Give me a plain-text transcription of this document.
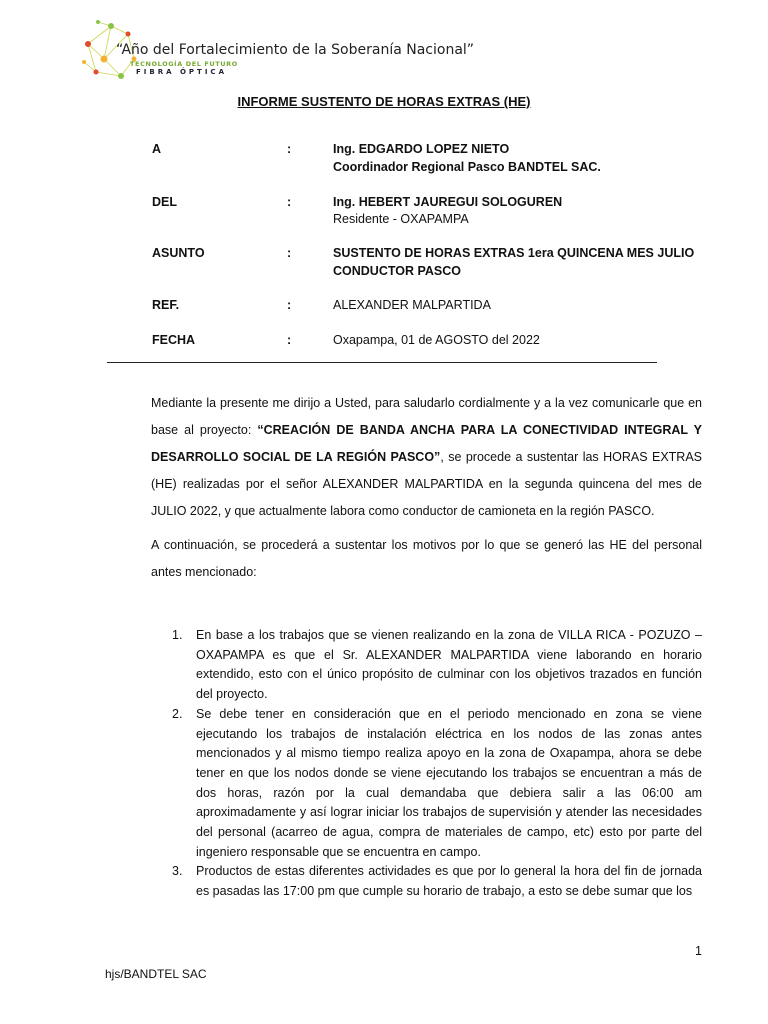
“Año del Fortalecimiento de la Soberanía Nacional”
TECNOLOGÍA DEL FUTURO
FIBRA ÓPTICA
INFORME SUSTENTO DE HORAS EXTRAS (HE)
A	:	Ing. EDGARDO LOPEZ NIETO
Coordinador Regional Pasco BANDTEL SAC.
DEL	:	Ing. HEBERT JAUREGUI SOLOGUREN
Residente - OXAPAMPA
ASUNTO	:	SUSTENTO DE HORAS EXTRAS 1era QUINCENA MES JULIO
CONDUCTOR PASCO
REF.	:	ALEXANDER MALPARTIDA
FECHA	:	Oxapampa, 01 de AGOSTO del 2022

Mediante la presente me dirijo a Usted, para saludarlo cordialmente y a la vez comunicarle que en base al proyecto: “CREACIÓN DE BANDA ANCHA PARA LA CONECTIVIDAD INTEGRAL Y DESARROLLO SOCIAL DE LA REGIÓN PASCO”, se procede a sustentar las HORAS EXTRAS (HE) realizadas por el señor ALEXANDER MALPARTIDA en la segunda quincena del mes de JULIO 2022, y que actualmente labora como conductor de camioneta en la región PASCO.

A continuación, se procederá a sustentar los motivos por lo que se generó las HE del personal antes mencionado:

1. En base a los trabajos que se vienen realizando en la zona de VILLA RICA - POZUZO – OXAPAMPA es que el Sr. ALEXANDER MALPARTIDA viene laborando en horario extendido, esto con el único propósito de culminar con los objetivos trazados en función del proyecto.

2. Se debe tener en consideración que en el periodo mencionado en zona se viene ejecutando los trabajos de instalación eléctrica en los nodos de las zonas antes mencionados y al mismo tiempo realiza apoyo en la zona de Oxapampa, ahora se debe tener en que los nodos donde se viene ejecutando los trabajos se encuentran a más de dos horas, razón por la cual demandaba que debiera salir a las 06:00 am aproximadamente y así lograr iniciar los trabajos de supervisión y atender las necesidades del personal (acarreo de agua, compra de materiales de campo, etc) esto por parte del ingeniero responsable que se encuentra en campo.

3. Productos de estas diferentes actividades es que por lo general la hora del fin de jornada es pasadas las 17:00 pm que cumple su horario de trabajo, a esto se debe sumar que los

1
hjs/BANDTEL SAC
